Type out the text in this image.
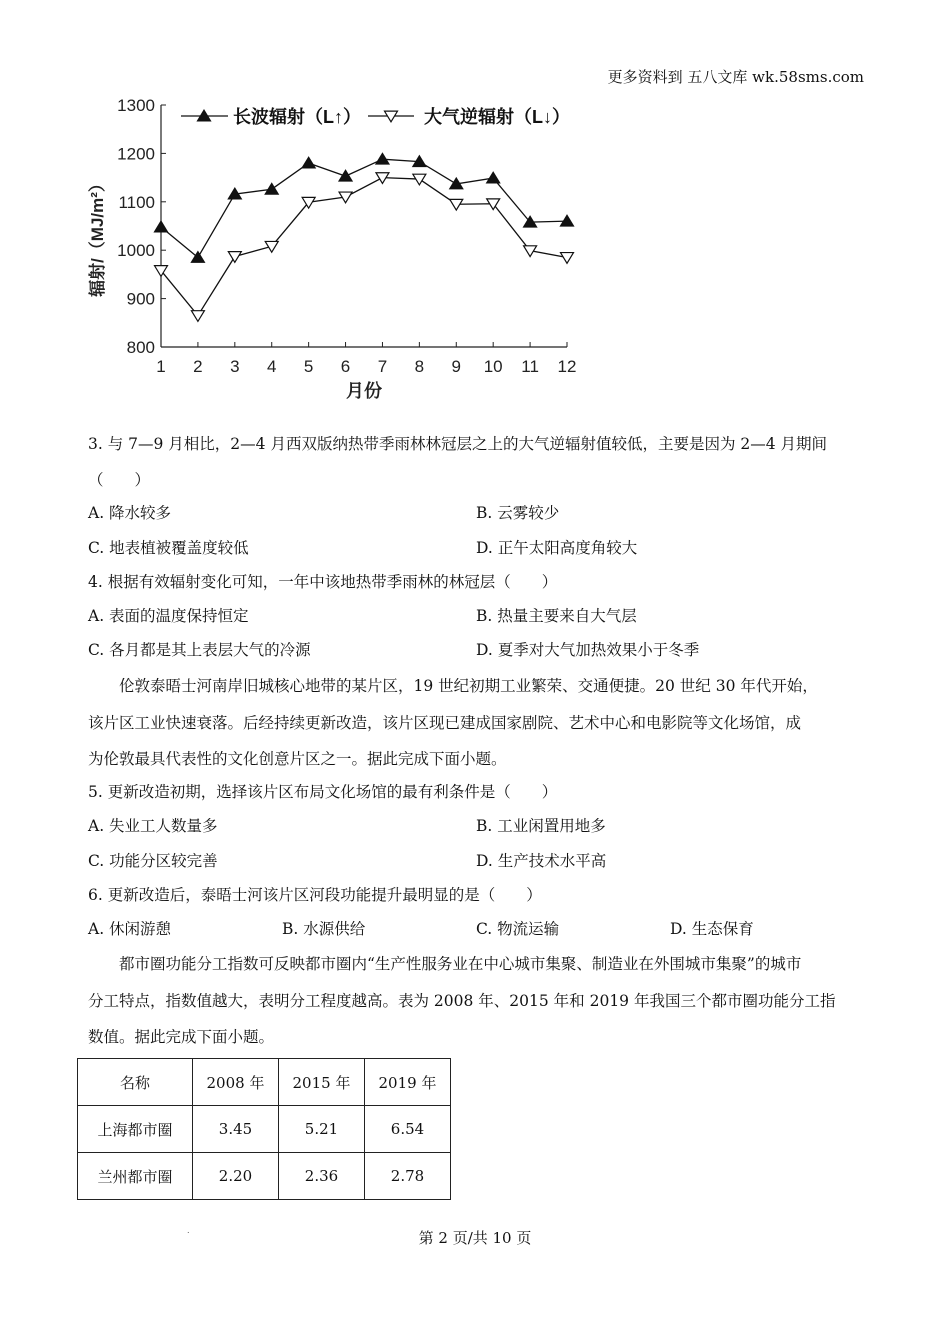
更多资料到 五八文库 wk.58sms.com
800
900
1000
1100
1200
1300
1 2 3 4 5 6 7 8 9 10 11 12
月份
辐射/（MJ/m²）
长波辐射（L↑）	大气逆辐射（L↓）
3. 与 7—9 月相比，2—4 月西双版纳热带季雨林林冠层之上的大气逆辐射值较低，主要是因为 2—4 月期间
（　　）
A. 降水较多	B. 云雾较少
C. 地表植被覆盖度较低	D. 正午太阳高度角较大
4. 根据有效辐射变化可知，一年中该地热带季雨林的林冠层（　　）
A. 表面的温度保持恒定	B. 热量主要来自大气层
C. 各月都是其上表层大气的冷源	D. 夏季对大气加热效果小于冬季
伦敦泰晤士河南岸旧城核心地带的某片区，19 世纪初期工业繁荣、交通便捷。20 世纪 30 年代开始，
该片区工业快速衰落。后经持续更新改造，该片区现已建成国家剧院、艺术中心和电影院等文化场馆，成
为伦敦最具代表性的文化创意片区之一。据此完成下面小题。
5. 更新改造初期，选择该片区布局文化场馆的最有利条件是（　　）
A. 失业工人数量多	B. 工业闲置用地多
C. 功能分区较完善	D. 生产技术水平高
6. 更新改造后，泰晤士河该片区河段功能提升最明显的是（　　）
A. 休闲游憩	B. 水源供给	C. 物流运输	D. 生态保育
都市圈功能分工指数可反映都市圈内“生产性服务业在中心城市集聚、制造业在外围城市集聚”的城市
分工特点，指数值越大，表明分工程度越高。表为 2008 年、2015 年和 2019 年我国三个都市圈功能分工指
数值。据此完成下面小题。
名称	2008 年	2015 年	2019 年
上海都市圈	3.45	5.21	6.54
兰州都市圈	2.20	2.36	2.78
.	第 2 页/共 10 页
